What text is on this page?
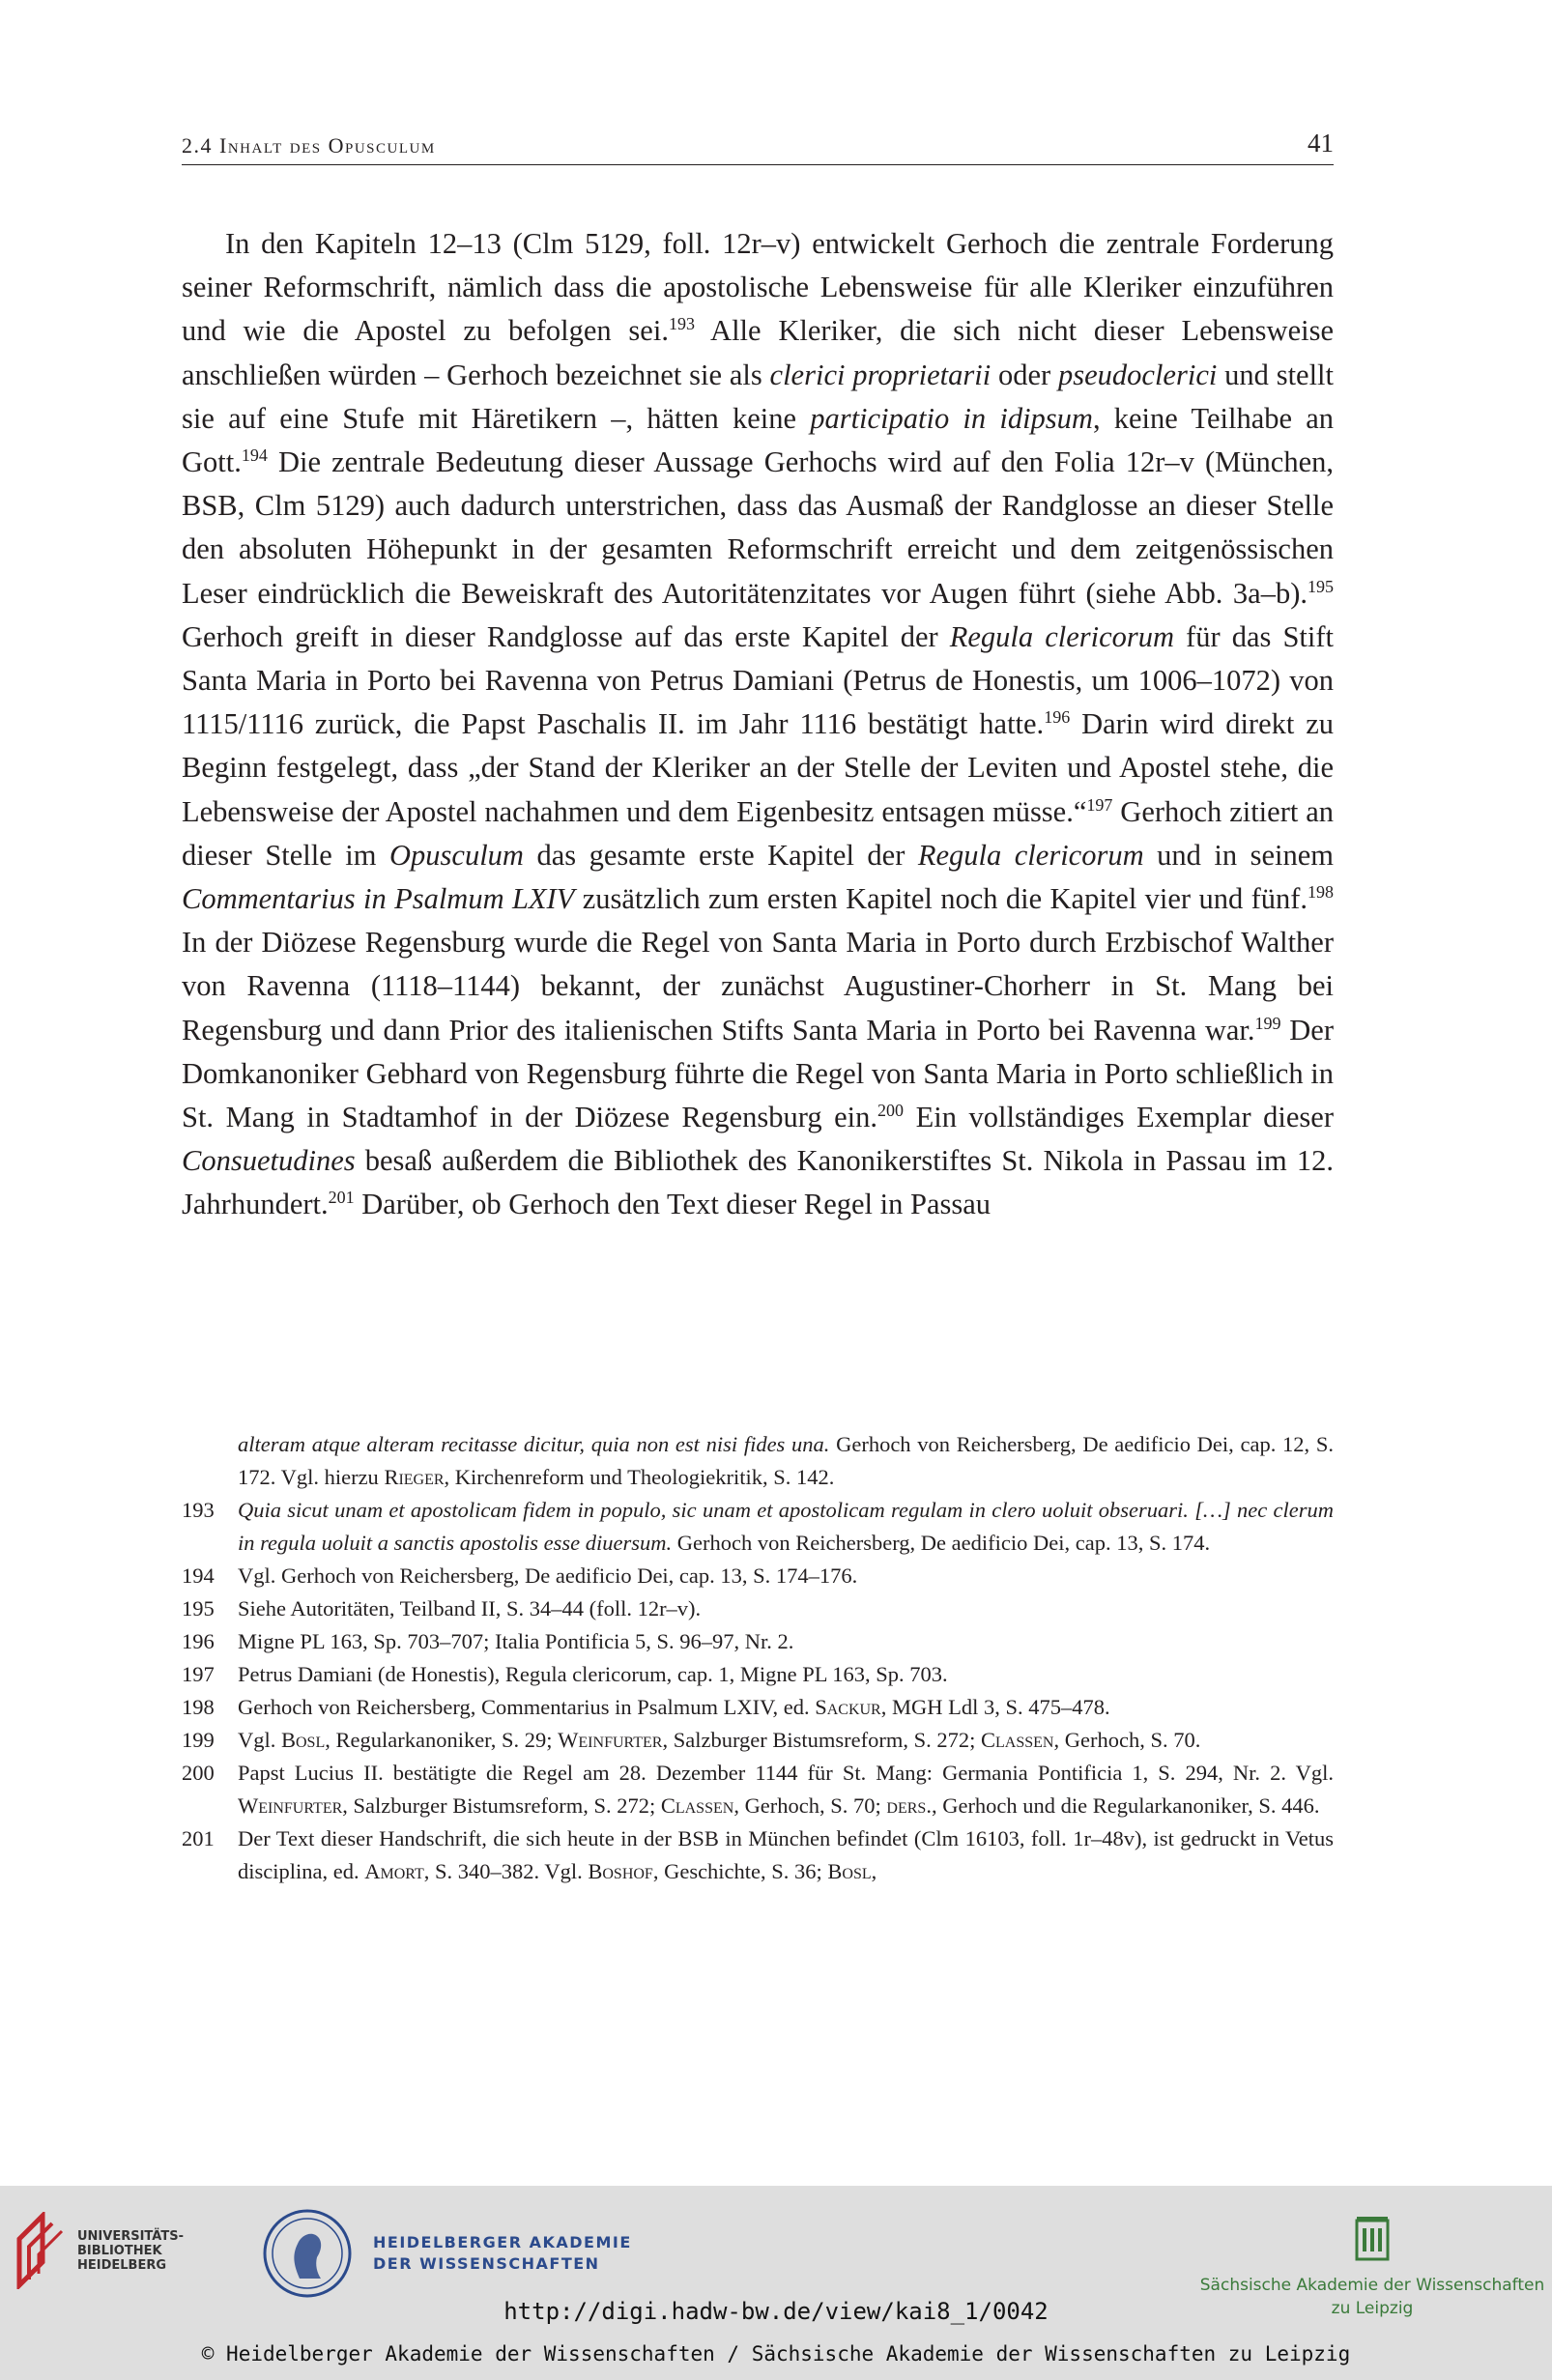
2.4 Inhalt des Opusculum	41

In den Kapiteln 12–13 (Clm 5129, foll. 12r–v) entwickelt Gerhoch die zentrale Forderung seiner Reformschrift, nämlich dass die apostolische Lebensweise für alle Kleriker einzuführen und wie die Apostel zu befolgen sei.$^{193}$ Alle Kleriker, die sich nicht dieser Lebensweise anschließen würden – Gerhoch bezeichnet sie als clerici proprietarii oder pseudoclerici und stellt sie auf eine Stufe mit Häretikern –, hätten keine participatio in idipsum, keine Teilhabe an Gott.$^{194}$ Die zentrale Bedeutung dieser Aussage Gerhochs wird auf den Folia 12r–v (München, BSB, Clm 5129) auch dadurch unterstrichen, dass das Ausmaß der Randglosse an dieser Stelle den absoluten Höhepunkt in der gesamten Reformschrift erreicht und dem zeitgenössischen Leser eindrücklich die Beweiskraft des Autoritätenzitates vor Augen führt (siehe Abb. 3a–b).$^{195}$ Gerhoch greift in dieser Randglosse auf das erste Kapitel der Regula clericorum für das Stift Santa Maria in Porto bei Ravenna von Petrus Damiani (Petrus de Honestis, um 1006–1072) von 1115/1116 zurück, die Papst Paschalis II. im Jahr 1116 bestätigt hatte.$^{196}$ Darin wird direkt zu Beginn festgelegt, dass „der Stand der Kleriker an der Stelle der Leviten und Apostel stehe, die Lebensweise der Apostel nachahmen und dem Eigenbesitz entsagen müsse.“$^{197}$ Gerhoch zitiert an dieser Stelle im Opusculum das gesamte erste Kapitel der Regula clericorum und in seinem Commentarius in Psalmum LXIV zusätzlich zum ersten Kapitel noch die Kapitel vier und fünf.$^{198}$ In der Diözese Regensburg wurde die Regel von Santa Maria in Porto durch Erzbischof Walther von Ravenna (1118–1144) bekannt, der zunächst Augustiner-Chorherr in St. Mang bei Regensburg und dann Prior des italienischen Stifts Santa Maria in Porto bei Ravenna war.$^{199}$ Der Domkanoniker Gebhard von Regensburg führte die Regel von Santa Maria in Porto schließlich in St. Mang in Stadtamhof in der Diözese Regensburg ein.$^{200}$ Ein vollständiges Exemplar dieser Consuetudines besaß außerdem die Bibliothek des Kanonikerstiftes St. Nikola in Passau im 12. Jahrhundert.$^{201}$ Darüber, ob Gerhoch den Text dieser Regel in Passau

alteram atque alteram recitasse dicitur, quia non est nisi fides una. Gerhoch von Reichersberg, De aedificio Dei, cap. 12, S. 172. Vgl. hierzu Rieger, Kirchenreform und Theologiekritik, S. 142.
193	Quia sicut unam et apostolicam fidem in populo, sic unam et apostolicam regulam in clero uoluit obseruari. […] nec clerum in regula uoluit a sanctis apostolis esse diuersum. Gerhoch von Reichersberg, De aedificio Dei, cap. 13, S. 174.
194	Vgl. Gerhoch von Reichersberg, De aedificio Dei, cap. 13, S. 174–176.
195	Siehe Autoritäten, Teilband II, S. 34–44 (foll. 12r–v).
196	Migne PL 163, Sp. 703–707; Italia Pontificia 5, S. 96–97, Nr. 2.
197	Petrus Damiani (de Honestis), Regula clericorum, cap. 1, Migne PL 163, Sp. 703.
198	Gerhoch von Reichersberg, Commentarius in Psalmum LXIV, ed. Sackur, MGH Ldl 3, S. 475–478.
199	Vgl. Bosl, Regularkanoniker, S. 29; Weinfurter, Salzburger Bistumsreform, S. 272; Classen, Gerhoch, S. 70.
200	Papst Lucius II. bestätigte die Regel am 28. Dezember 1144 für St. Mang: Germania Pontificia 1, S. 294, Nr. 2. Vgl. Weinfurter, Salzburger Bistumsreform, S. 272; Classen, Gerhoch, S. 70; ders., Gerhoch und die Regularkanoniker, S. 446.
201	Der Text dieser Handschrift, die sich heute in der BSB in München befindet (Clm 16103, foll. 1r–48v), ist gedruckt in Vetus disciplina, ed. Amort, S. 340–382. Vgl. Boshof, Geschichte, S. 36; Bosl,
UNIVERSITÄTS-
BIBLIOTHEK
HEIDELBERG
HEIDELBERGER AKADEMIE
DER WISSENSCHAFTEN
Sächsische Akademie der Wissenschaften
zu Leipzig
http://digi.hadw-bw.de/view/kai8_1/0042
© Heidelberger Akademie der Wissenschaften / Sächsische Akademie der Wissenschaften zu Leipzig
